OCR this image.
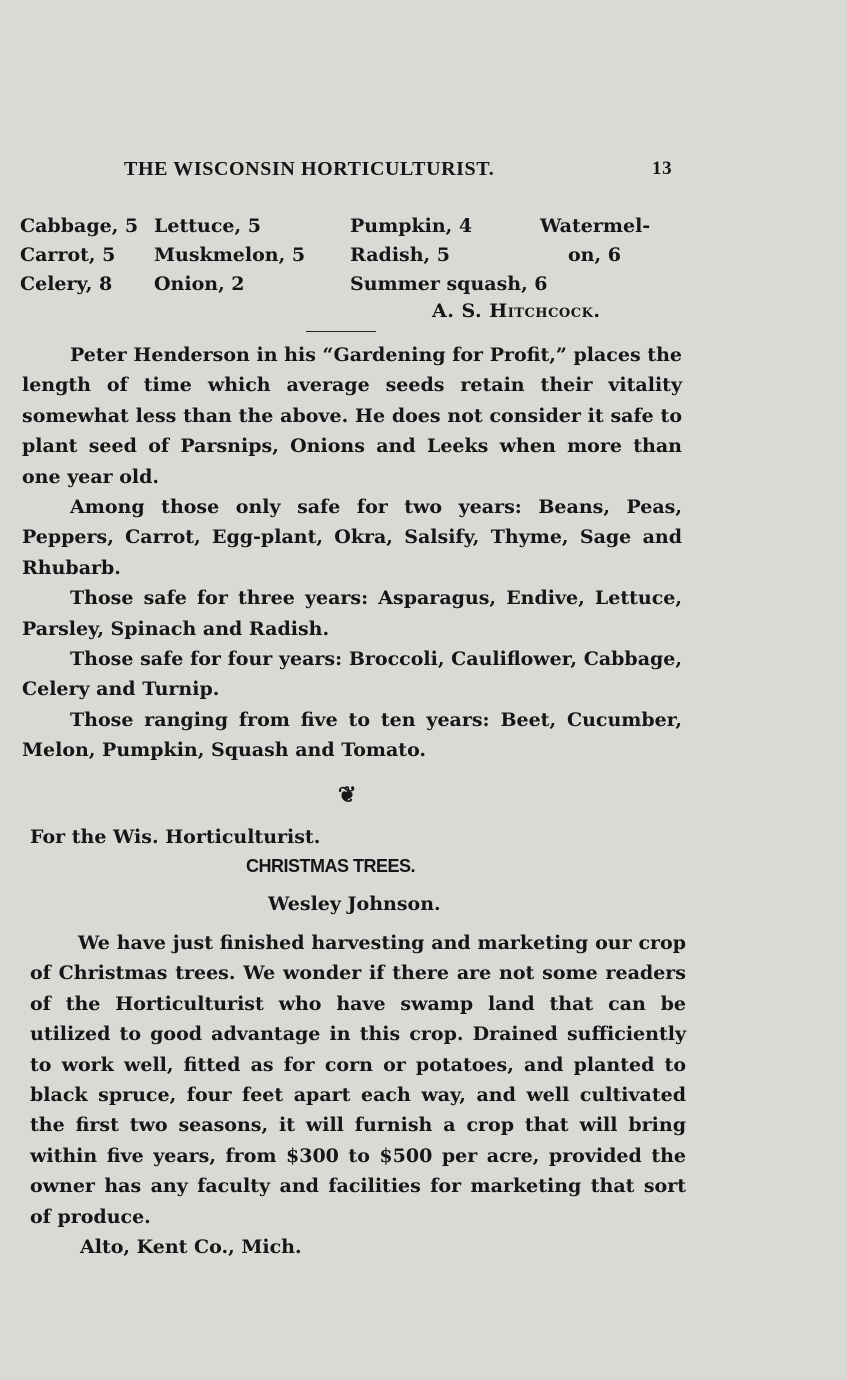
THE WISCONSIN HORTICULTURIST.	13
Cabbage, 5
Carrot, 5
Celery, 8
Lettuce, 5
Muskmelon, 5
Onion, 2
Pumpkin, 4
Radish, 5
Summer squash, 6
Watermel-
on, 6
A. S. Hitchcock.

Peter Henderson in his “Gardening for Profit,” places the length of time which average seeds retain their vitality somewhat less than the above. He does not consider it safe to plant seed of Parsnips, Onions and Leeks when more than one year old.

Among those only safe for two years: Beans, Peas, Peppers, Carrot, Egg-plant, Okra, Salsify, Thyme, Sage and Rhubarb.

Those safe for three years: Asparagus, Endive, Lettuce, Parsley, Spinach and Radish.

Those safe for four years: Broccoli, Cauliflower, Cabbage, Celery and Turnip.

Those ranging from five to ten years: Beet, Cucumber, Melon, Pumpkin, Squash and Tomato.

❦
For the Wis. Horticulturist.
CHRISTMAS TREES.
Wesley Johnson.

We have just finished harvesting and marketing our crop of Christmas trees. We wonder if there are not some readers of the Horticulturist who have swamp land that can be utilized to good advantage in this crop. Drained sufficiently to work well, fitted as for corn or potatoes, and planted to black spruce, four feet apart each way, and well cultivated the first two seasons, it will furnish a crop that will bring within five years, from $300 to $500 per acre, provided the owner has any faculty and facilities for marketing that sort of produce.

Alto, Kent Co., Mich.
